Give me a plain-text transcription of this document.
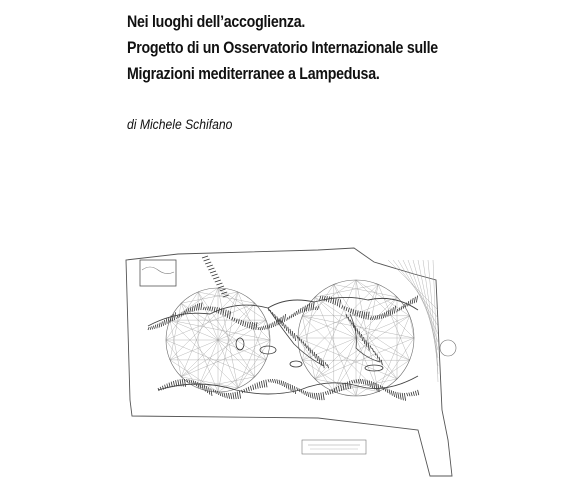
Nei luoghi dell’accoglienza.
Progetto di un Osservatorio Internazionale sulle
Migrazioni mediterranee a Lampedusa.
di Michele Schifano
